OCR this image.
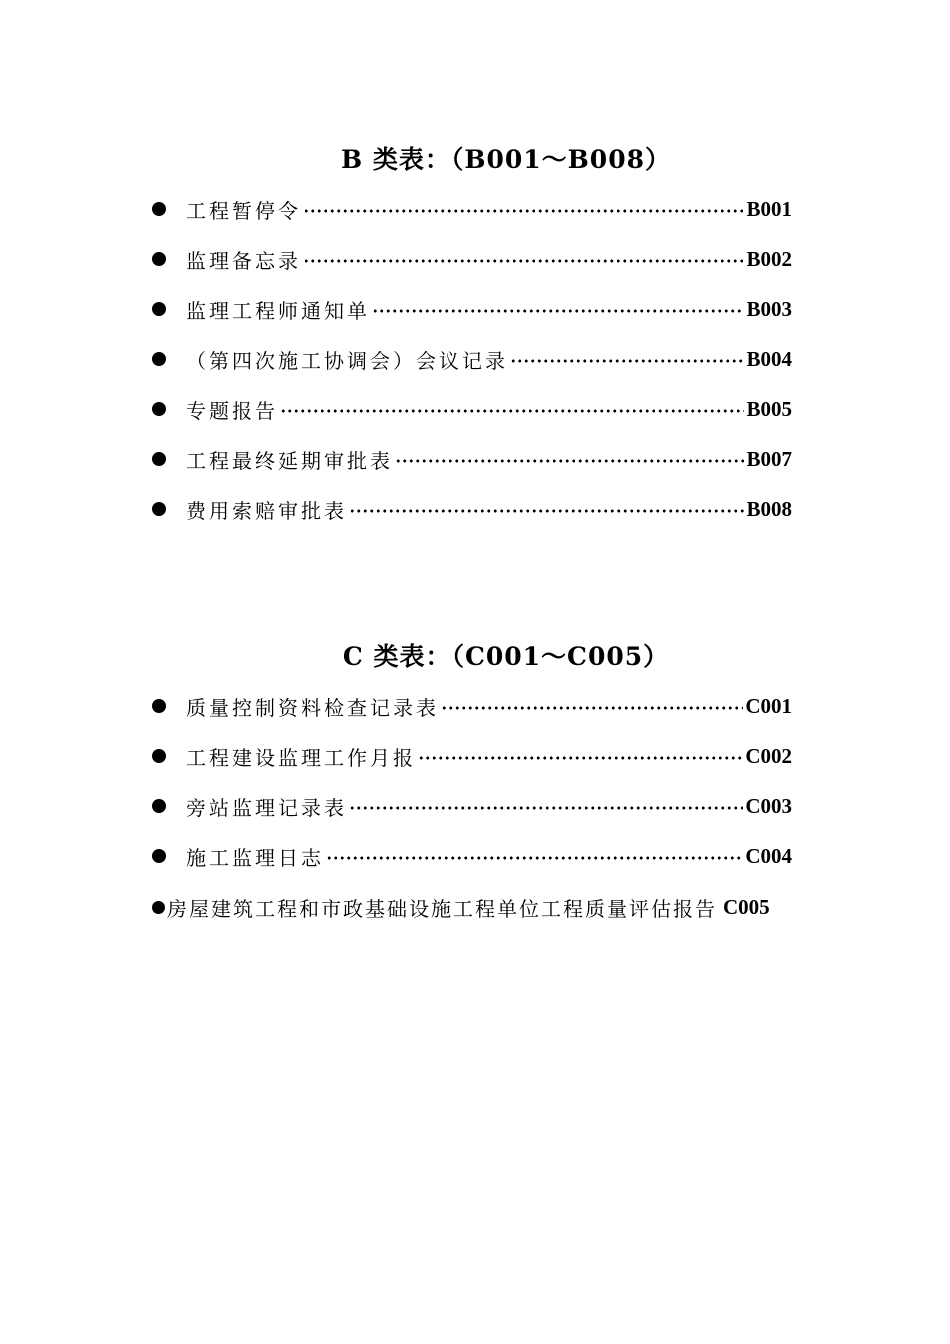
B 类表：（B001～B008）
工程暂停令	B001
监理备忘录	B002
监理工程师通知单	B003
（第四次施工协调会）会议记录	B004
专题报告	B005
工程最终延期审批表	B007
费用索赔审批表	B008
C 类表：（C001～C005）
质量控制资料检查记录表	C001
工程建设监理工作月报	C002
旁站监理记录表	C003
施工监理日志	C004
房屋建筑工程和市政基础设施工程单位工程质量评估报告 C005
